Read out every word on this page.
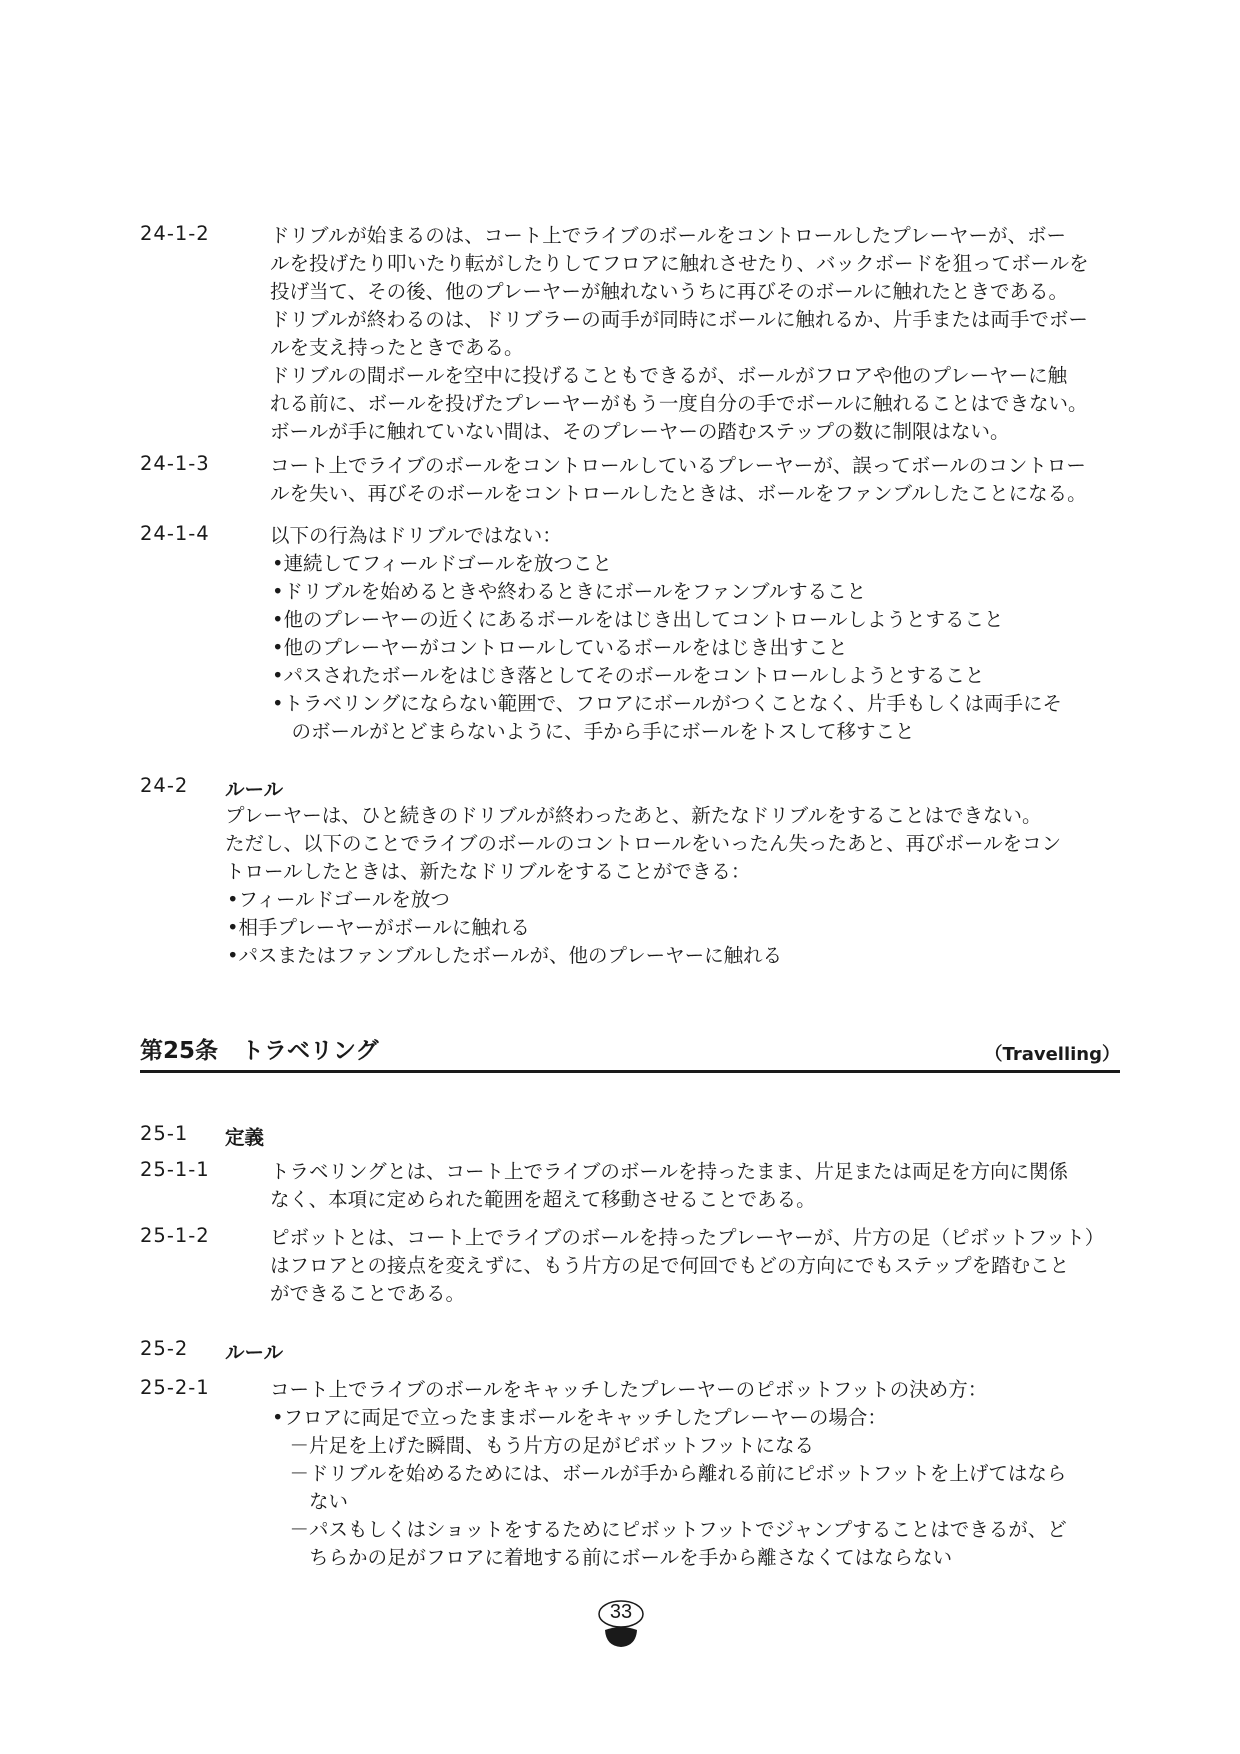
24-1-2	ドリブルが始まるのは、コート上でライブのボールをコントロールしたプレーヤーが、ボー
ルを投げたり叩いたり転がしたりしてフロアに触れさせたり、バックボードを狙ってボールを
投げ当て、その後、他のプレーヤーが触れないうちに再びそのボールに触れたときである。
ドリブルが終わるのは、ドリブラーの両手が同時にボールに触れるか、片手または両手でボー
ルを支え持ったときである。
ドリブルの間ボールを空中に投げることもできるが、ボールがフロアや他のプレーヤーに触
れる前に、ボールを投げたプレーヤーがもう一度自分の手でボールに触れることはできない。
ボールが手に触れていない間は、そのプレーヤーの踏むステップの数に制限はない。
24-1-3	コート上でライブのボールをコントロールしているプレーヤーが、誤ってボールのコントロー
ルを失い、再びそのボールをコントロールしたときは、ボールをファンブルしたことになる。
24-1-4	以下の行為はドリブルではない：
•連続してフィールドゴールを放つこと
•ドリブルを始めるときや終わるときにボールをファンブルすること
•他のプレーヤーの近くにあるボールをはじき出してコントロールしようとすること
•他のプレーヤーがコントロールしているボールをはじき出すこと
•パスされたボールをはじき落としてそのボールをコントロールしようとすること
•トラベリングにならない範囲で、フロアにボールがつくことなく、片手もしくは両手にそ
　のボールがとどまらないように、手から手にボールをトスして移すこと
24-2	ルール
プレーヤーは、ひと続きのドリブルが終わったあと、新たなドリブルをすることはできない。
ただし、以下のことでライブのボールのコントロールをいったん失ったあと、再びボールをコン
トロールしたときは、新たなドリブルをすることができる：
•フィールドゴールを放つ
•相手プレーヤーがボールに触れる
•パスまたはファンブルしたボールが、他のプレーヤーに触れる
第25条　トラベリング	（Travelling）
25-1	定義
25-1-1	トラベリングとは、コート上でライブのボールを持ったまま、片足または両足を方向に関係
なく、本項に定められた範囲を超えて移動させることである。
25-1-2	ピボットとは、コート上でライブのボールを持ったプレーヤーが、片方の足（ピボットフット）
はフロアとの接点を変えずに、もう片方の足で何回でもどの方向にでもステップを踏むこと
ができることである。
25-2	ルール
25-2-1	コート上でライブのボールをキャッチしたプレーヤーのピボットフットの決め方：
•フロアに両足で立ったままボールをキャッチしたプレーヤーの場合：
　－片足を上げた瞬間、もう片方の足がピボットフットになる
　－ドリブルを始めるためには、ボールが手から離れる前にピボットフットを上げてはなら
　　ない
　－パスもしくはショットをするためにピボットフットでジャンプすることはできるが、ど
　　ちらかの足がフロアに着地する前にボールを手から離さなくてはならない
33
